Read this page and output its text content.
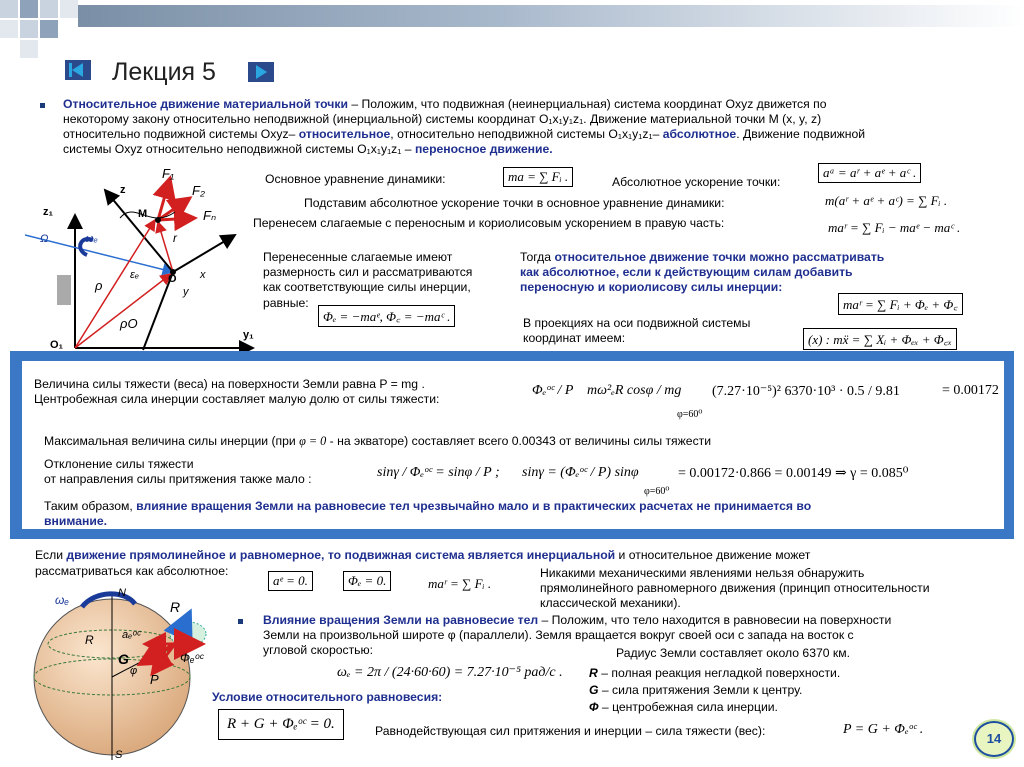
Лекция 5
Относительное движение материальной точки – Положим, что подвижная (неинерциальная) система координат Oxyz движется по
некоторому закону относительно неподвижной (инерциальной) системы координат O₁x₁y₁z₁. Движение материальной точки М (x, y, z)
относительно подвижной системы Oxyz– относительное, относительно неподвижной системы O₁x₁y₁z₁– абсолютное. Движение подвижной
системы Oxyz относительно неподвижной системы O₁x₁y₁z₁ – переносное движение.
z
z₁	M
F₁
F₂
Fₙ
Ω	ωₑ	r
ρ	O
εₑ	x
y
ρO
O₁
y₁
Основное уравнение динамики:	ma = ∑ Fᵢ .	Абсолютное ускорение точки:
aᵃ = aʳ + aᵉ + aᶜ .
Подставим абсолютное ускорение точки в основное уравнение динамики:	m(aʳ + aᵉ + aᶜ) = ∑ Fᵢ .
Перенесем слагаемые с переносным и кориолисовым ускорением в правую часть:	maʳ = ∑ Fᵢ − maᵉ − maᶜ .
Перенесенные слагаемые имеют
размерность сил и рассматриваются
как соответствующие силы инерции,
равные:
Φₑ = −maᵉ, Φ꜀ = −maᶜ .
Тогда относительное движение точки можно рассматривать
как абсолютное, если к действующим силам добавить
переносную и кориолисову силы инерции:
maʳ = ∑ Fᵢ + Φₑ + Φ꜀
В проекциях на оси подвижной системы
координат имеем:	(x) : mẍ = ∑ Xᵢ + Φₑₓ + Φ꜀ₓ
Величина силы тяжести (веса) на поверхности Земли равна P = mg .
Центробежная сила инерции составляет малую долю от силы тяжести:
Φₑᵒᶜ / P mω²ₑR cosφ / mg
φ=60⁰
(7.27·10⁻⁵)² 6370·10³ · 0.5 / 9.81	= 0.00172
Максимальная величина силы инерции (при φ = 0 - на экваторе) составляет всего 0.00343 от величины силы тяжести
Отклонение силы тяжести
от направления силы притяжения также мало :	sinγ / Φₑᵒᶜ = sinφ / P ; sinγ = (Φₑᵒᶜ / P) sinφ
φ=60⁰
= 0.00172·0.866 = 0.00149 ⇒ γ = 0.085⁰
Таким образом, влияние вращения Земли на равновесие тел чрезвычайно мало и в практических расчетах не принимается во
внимание.
Если движение прямолинейное и равномерное, то подвижная система является инерциальной и относительное движение может
рассматриваться как абсолютное:
aᵉ = 0.	Φₑ = 0.	maʳ = ∑ Fᵢ .
Никакими механическими явлениями нельзя обнаружить
прямолинейного равномерного движения (принцип относительности
классической механики).
ωₑ	N
R
aₑᵒᶜ
G	Φₑᵒᶜ
P
φ
R
S
Влияние вращения Земли на равновесие тел – Положим, что тело находится в равновесии на поверхности
Земли на произвольной широте φ (параллели). Земля вращается вокруг своей оси с запада на восток с
угловой скоростью:	Радиус Земли составляет около 6370 км.
ωₑ = 2π / (24·60·60) = 7.27·10⁻⁵ рад/с . R – полная реакция негладкой поверхности.
G – сила притяжения Земли к центру.
Ф – центробежная сила инерции.
Условие относительного равновесия:
R + G + Φₑᵒᶜ = 0.	Равнодействующая сил притяжения и инерции – сила тяжести (вес):	P = G + Φₑᵒᶜ .
14
